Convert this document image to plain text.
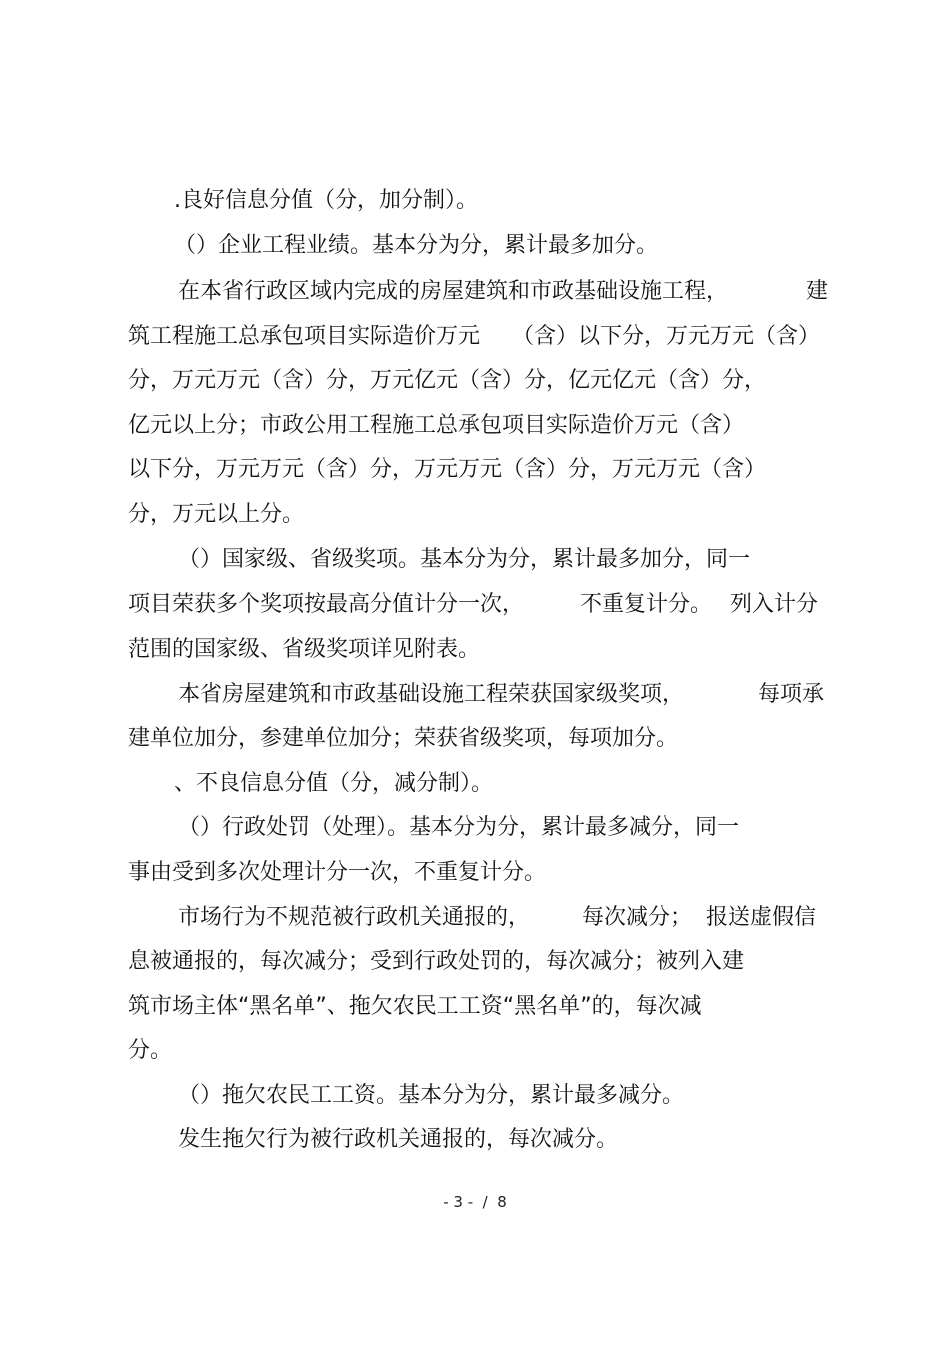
.良好信息分值（分，加分制）。
（）企业工程业绩。基本分为分，累计最多加分。
在本省行政区域内完成的房屋建筑和市政基础设施工程，	建
筑工程施工总承包项目实际造价万元 （含）以下分，万元万元（含）
分，万元万元（含）分，万元亿元（含）分，亿元亿元（含）分，
亿元以上分；市政公用工程施工总承包项目实际造价万元（含）
以下分，万元万元（含）分，万元万元（含）分，万元万元（含）
分，万元以上分。
（）国家级、省级奖项。基本分为分，累计最多加分，同一
项目荣获多个奖项按最高分值计分一次，	不重复计分。 列入计分
范围的国家级、省级奖项详见附表。
本省房屋建筑和市政基础设施工程荣获国家级奖项，	每项承
建单位加分，参建单位加分；荣获省级奖项，每项加分。
、不良信息分值（分，减分制）。
（）行政处罚（处理）。基本分为分，累计最多减分，同一
事由受到多次处理计分一次，不重复计分。
市场行为不规范被行政机关通报的， 每次减分； 报送虚假信
息被通报的，每次减分；受到行政处罚的，每次减分；被列入建
筑市场主体“黑名单”、拖欠农民工工资“黑名单”的，每次减
分。
（）拖欠农民工工资。基本分为分，累计最多减分。
发生拖欠行为被行政机关通报的，每次减分。
- 3 -  /  8
